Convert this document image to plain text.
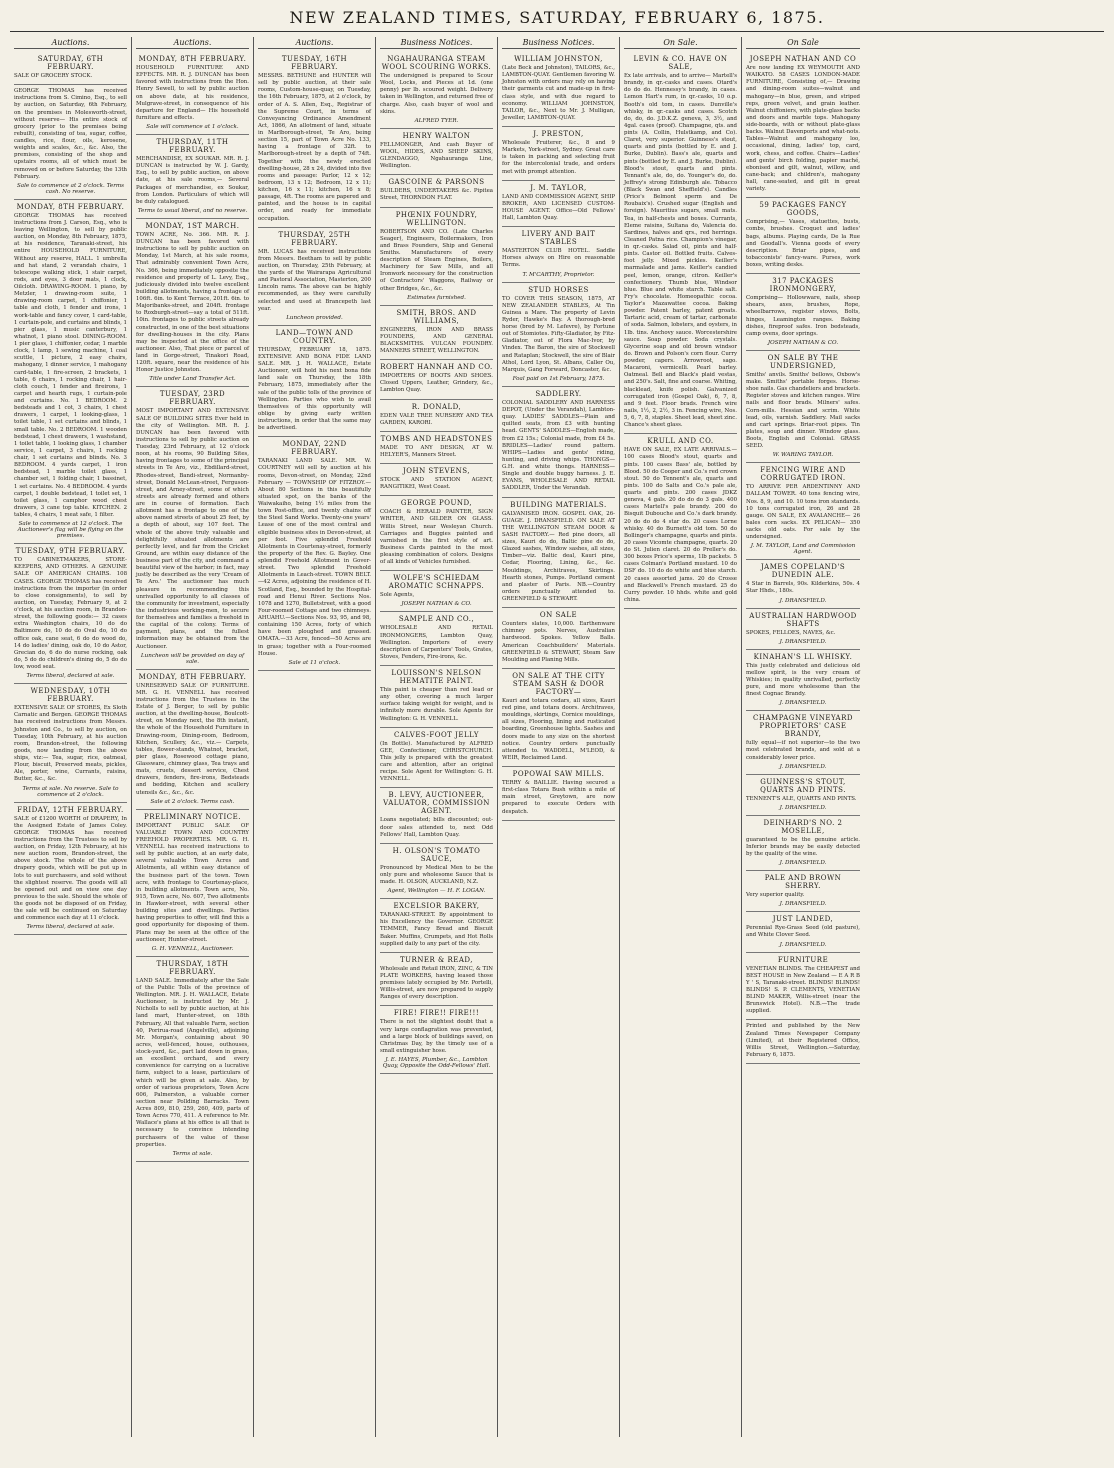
NEW ZEALAND TIMES, SATURDAY, FEBRUARY 6, 1875.
Auctions.
SATURDAY, 6TH FEBRUARY.
SALE OF GROCERY STOCK.
GEORGE THOMAS has received instructions from S. Cimino, Esq., to sell by auction, on Saturday, 6th February, on the premises in Molesworth-street, without reserve— His entire stock of grocery (prior to the premises being rebuilt), consisting of tea, sugar, coffee, candles, rice, flour, oils, kerosene, weights and scales, &c., &c. Also, the premises, consisting of the shop and upstairs rooms, all of which must be removed on or before Saturday, the 13th February.
Sale to commence at 2 o'clock. Terms cash. No reserve.
MONDAY, 8TH FEBRUARY.
GEORGE THOMAS has received instructions from J. Carson, Esq., who is leaving Wellington, to sell by public auction, on Monday, 8th February, 1875, at his residence, Taranaki-street, his entire HOUSEHOLD FURNITURE, Without any reserve, HALL. 1 umbrella and hat stand, 2 verandah chairs, 1 telescope walking stick, 1 stair carpet, rods, and eyes, 3 door mats, 1 clock, Oilcloth. DRAWING-ROOM. 1 piano, by Metzler, 1 drawing-room suite, 1 drawing-room carpet, 1 chiffonier, 1 table and cloth, 1 fender and irons, 1 work-table and fancy cover, 1 card-table, 1 curtain-pole, and curtains and blinds, 1 pier glass, 1 music canterbury, 1 whatnot, 1 piano stool. DINING-ROOM. 1 pier glass, 1 chiffonier, cedar, 1 marble clock, 1 lamp, 1 sewing machine, 1 coal scuttle, 1 picture, 2 easy chairs, mahogany, 1 dinner service, 1 mahogany card-table, 1 fire-screen, 2 brackets, 1 table, 6 chairs, 1 rocking chair, 1 hair-cloth couch, 1 fender and fireirons, 1 carpet and hearth rugs, 1 curtain-pole and curtains. No. 1 BEDROOM. 2 bedsteads and 1 cot, 3 chairs, 1 chest drawers, 1 carpet, 1 looking-glass, 1 toilet table, 1 set curtains and blinds, 1 small table. No. 2 BEDROOM. 1 wooden bedstead, 1 chest drawers, 1 washstand, 1 toilet table, 1 looking glass, 1 chamber service, 1 carpet, 3 chairs, 1 rocking chair, 1 set curtains and blinds. No. 3 BEDROOM. 4 yards carpet, 1 iron bedstead, 1 marble toilet glass, 1 chamber set, 1 folding chair, 1 bassinet, 1 set curtains. No. 4 BEDROOM. 4 yards carpet, 1 double bedstead, 1 toilet set, 1 toilet glass, 1 camphor wood chest drawers, 3 cane top table. KITCHEN. 2 tables, 4 chairs, 1 meat safe, 1 filter.
Sale to commence at 12 o'clock. The Auctioneer's flag will be flying on the premises.
TUESDAY, 9TH FEBRUARY.
TO CABINETMAKERS, STORE-KEEPERS, AND OTHERS. A GENUINE SALE OF AMERICAN CHAIRS. 108 CASES. GEORGE THOMAS has received instructions from the importer (in order to close consignments), to sell by auction, on Tuesday, February 9, at 2 o'clock, at his auction room, in Brandon-street, the following goods:— 32 cases extra Washington chairs, 10 do do Baltimore do, 10 do do Oval do, 10 do office oak, cane seat, 6 do do wood do, 14 do ladies' dining, oak do, 10 do Astor, Grecian do, 6 do do nurse rocking, oak do, 5 do do children's dining do, 5 do do low, wood seat.
Terms liberal, declared at sale.
WEDNESDAY, 10TH FEBRUARY.
EXTENSIVE SALE OF STORES, Ex Sloth Carnatic and Bergen. GEORGE THOMAS has received instructions from Messrs. Johnston and Co., to sell by auction, on Tuesday, 10th February, at his auction room, Brandon-street, the following goods, now landing from the above ships, viz:— Tea, sugar, rice, oatmeal, Flour, biscuit, Preserved meats, pickles, Ale, porter, wine, Currants, raisins, Butter, &c., &c.
Terms at sale. No reserve. Sale to commence at 2 o'clock.
FRIDAY, 12TH FEBRUARY.
SALE of £1200 WORTH of DRAPERY, In the Assigned Estate of James Coley. GEORGE THOMAS has received instructions from the Trustees to sell by auction, on Friday, 12th February, at his new auction room, Brandon-street, the above stock. The whole of the above drapery goods, which will be put up in lots to suit purchasers, and sold without the slightest reserve. The goods will all be opened out and on view one day previous to the sale. Should the whole of the goods not be disposed of on Friday, the sale will be continued on Saturday and commence each day at 11 o'clock.
Terms liberal, declared at sale.
Auctions.
MONDAY, 8TH FEBRUARY.
HOUSEHOLD FURNITURE AND EFFECTS. MR. R. J. DUNCAN has been favored with instructions from the Hon. Henry Sewell, to sell by public auction on above date, at his residence, Mulgrave-street, in consequence of his departure for England— His household furniture and effects.
Sale will commence at 1 o'clock.
THURSDAY, 11TH FEBRUARY.
MERCHANDISE, EX SOUKAR. MR. R. J. DUNCAN is instructed by W. J. Gardy, Esq., to sell by public auction, on above date, at his sale rooms,— Several Packages of merchandise, ex Soukar, from London. Particulars of which will be duly catalogued.
Terms to usual liberal, and no reserve.
MONDAY, 1ST MARCH.
TOWN ACRE, No. 366. MR. R. J. DUNCAN has been favored with instructions to sell by public auction on Monday, 1st March, at his sale rooms, That admirably convenient Town Acre, No. 366, being immediately opposite the residence and property of L. Levy, Esq., judiciously divided into twelve excellent building allotments, having a frontage of 106ft. 6in. to Kent Terrace, 201ft. 6in. to Majoribanks-street, and 204ft. frontage to Roxburgh-street—say a total of 511ft. 10in. frontages to public streets already constructed, in one of the best situations for dwelling-houses in the city. Plans may be inspected at the office of the auctioneer. Also, That piece or parcel of land in Gorge-street, Tinakori Road, 120ft. square, near the residence of his Honor Justice Johnston.
Title under Land Transfer Act.
TUESDAY, 23RD FEBRUARY.
MOST IMPORTANT AND EXTENSIVE SALE OF BUILDING SITES Ever held in the city of Wellington. MR. R. J. DUNCAN has been favored with instructions to sell by public auction on Tuesday, 23rd February, at 12 o'clock noon, at his rooms, 90 Building Sites, having frontages to some of the principal streets in Te Aro, viz., Ebdillard-street, Rhodes-street, Bandi-street, Normanby-street, Donald McLean-street, Ferguson-street, and Arney-street, some of which streets are already formed and others are in course of formation. Each allotment has a frontage to one of the above named streets of about 25 feet, by a depth of about, say 107 feet. The whole of the above truly valuable and delightfully situated allotments are perfectly level, and far from the Cricket Ground, are within easy distance of the business part of the city, and command a beautiful view of the harbor; in fact, may justly be described as the very 'Cream of Te Aro.' The auctioneer has much pleasure in recommending this unrivalled opportunity to all classes of the community for investment, especially the industrious working-men, to secure for themselves and families a freehold in the capital of the colony. Terms of payment, plans, and the fullest information may be obtained from the Auctioneer.
Luncheon will be provided on day of sale.
MONDAY, 8TH FEBRUARY.
UNRESERVED SALE OF FURNITURE. MR. G. H. VENNELL has received instructions from the Trustees in the Estate of J. Berger, to sell by public auction, at the dwelling-house, Boulcott-street, on Monday next, the 8th instant, the whole of the Household Furniture in Drawing-room, Dining-room, Bedroom, Kitchen, Scullery, &c., viz.— Carpets, tables, flower-stands, Whatnot, bracket, pier glass, Rosewood cottage piano, Glassware, chimney glass, Tea trays and mats, cruets, dessert service, Chest drawers, fenders, fire-irons, Bedsteads and bedding, Kitchen and scullery utensils &c., &c., &c.
Sale at 2 o'clock. Terms cash.
PRELIMINARY NOTICE.
IMPORTANT PUBLIC SALE OF VALUABLE TOWN AND COUNTRY FREEHOLD PROPERTIES. MR. G. H. VENNELL has received instructions to sell by public auction, at an early date, several valuable Town Acres and Allotments, all within easy distance of the business part of the town. Town acre, with frontage to Courtenay-place, in building allotments. Town acre, No. 915, Town acre, No. 607, Two allotments in Hawker-street, with several other building sites and dwellings. Parties having properties to offer, will find this a good opportunity for disposing of them. Plans may be seen at the office of the auctioneer, Hunter-street.
G. H. VENNELL, Auctioneer.
THURSDAY, 18TH FEBRUARY.
LAND SALE. Immediately after the Sale of the Public Tolls of the province of Wellington. MR. J. H. WALLACE, Estate Auctioneer, is instructed by Mr. J. Nicholls to sell by public auction, at his land mart, Hunter-street, on 18th February, All that valuable Farm, section 40, Porirua-road (Angelville), adjoining Mr. Morgan's, containing about 90 acres, well-fenced, house, outhouses, stock-yard, &c., part laid down in grass, an excellent orchard, and every convenience for carrying on a lucrative farm, subject to a lease, particulars of which will be given at sale. Also, by order of various proprietors, Town Acre 606, Palmerston, a valuable corner section near Pollding Barracks. Town Acres 809, 810, 259, 260, 409, parts of Town Acres 770, 411. A reference to Mr. Wallace's plans at his office is all that is necessary to convince intending purchasers of the value of these properties.
Terms at sale.
Auctions.
TUESDAY, 16TH FEBRUARY.
MESSRS. BETHUNE and HUNTER will sell by public auction, at their sale rooms, Custom-house-quay, on Tuesday, the 16th February, 1875, at 2 o'clock, by order of A. S. Allen, Esq., Registrar of the Supreme Court, in terms of Conveyancing Ordinance Amendment Act, 1866, An allotment of land, situate in Marlborough-street, Te Aro, being section 15, part of Town Acre No. 133, having a frontage of 32ft. to Marlborough-street by a depth of 74ft. Together with the newly erected dwelling-house, 28 x 24, divided into five rooms and passage: Parlor, 12 x 12; bedroom, 13 x 12; Bedroom, 12 x 11; kitchen, 16 x 11; kitchen, 16 x 8; passage, 4ft. The rooms are papered and painted, and the house is in capital order, and ready for immediate occupation.
THURSDAY, 25TH FEBRUARY.
MR. LUCAS has received instructions from Messrs. Beetham to sell by public auction, on Thursday, 25th February, at the yards of the Wairarapa Agricultural and Pastoral Association, Masterton, 200 Lincoln rams. The above can be highly recommended, as they were carefully selected and used at Brancepeth last year.
Luncheon provided.
LAND—TOWN AND COUNTRY.
THURSDAY, FEBRUARY 18, 1875. EXTENSIVE AND BONA FIDE LAND SALE. MR. J. H. WALLACE, Estate Auctioneer, will hold his next bona fide land sale on Thursday, the 18th February, 1875, immediately after the sale of the public tolls of the province of Wellington. Parties who wish to avail themselves of this opportunity will oblige by giving early written instructions, in order that the same may be advertised.
MONDAY, 22ND FEBRUARY.
TARANAKI LAND SALE. MR. W. COURTNEY will sell by auction at his rooms, Devon-street, on Monday, 22nd February — TOWNSHIP OF FITZROY.—About 80 Sections in this beautifully situated spot, on the banks of the Waiwakaiho, being 1½ miles from the town Post-office, and twenty chains off the Steel Sand Works. Twenty-one years' Lease of one of the most central and eligible business sites in Devon-street, at per foot. Five splendid Freehold Allotments in Courtenay-street, formerly the property of the Rev. G. Bayley. One splendid Freehold Allotment in Gover-street. Two splendid Freehold Allotments in Leach-street. TOWN BELT.—42 Acres, adjoining the residence of H. Scotland, Esq., bounded by the Hospital-road and Henui River. Sections Nos. 1078 and 1270, Bulletstreet, with a good Four-roomed Cottage and two chimneys. AHUAHU.—Sections Nos. 93, 95, and 98, containing 150 Acres, forty of which have been ploughed and grassed. OMATA.—33 Acre, fenced—50 Acres are in grass; together with a Four-roomed House.
Sale at 11 o'clock.
Business Notices.
NGAHAURANGA STEAM WOOL SCOURING WORKS.
The undersigned is prepared to Scour Wool, Locks, and Pieces at 1d. (one penny) per lb. scoured weight. Delivery taken in Wellington, and returned free of charge. Also, cash buyer of wool and skins.
ALFRED TYER.
HENRY WALTON
FELLMONGER, And cash Buyer of WOOL, HIDES, AND SHEEP SKINS, GLENDAGGO, Ngahauranga Line, Wellington.
GASCOINE & PARSONS
BUILDERS, UNDERTAKERS &c. Pipitea Street, THORNDON FLAT.
PHŒNIX FOUNDRY, WELLINGTON.
ROBERTSON AND CO. (Late Charles Seager), Engineers, Boilermakers, Iron and Brass Founders, Ship and General Smiths. Manufacturers of every description of Steam Engines, Boilers, Machinery for Saw Mills, and all Ironwork necessary for the construction of Contractors' Waggons, Railway or other Bridges, &c., &c.
Estimates furnished.
SMITH, BROS. AND WILLIAMS,
ENGINEERS, IRON AND BRASS FOUNDERS, AND GENERAL BLACKSMITHS. VULCAN FOUNDRY. MANNERS STREET, WELLINGTON.
ROBERT HANNAH AND CO.
IMPORTERS OF BOOTS AND SHOES. Closed Uppers, Leather, Grindery, &c., Lambton Quay.
R. DONALD,
EDEN VALE TREE NURSERY AND TEA GARDEN, KARORI.
TOMBS AND HEADSTONES
MADE TO ANY DESIGN, AT W. HELYER'S, Manners Street.
JOHN STEVENS,
STOCK AND STATION AGENT, RANGITIKEI, West Coast.
GEORGE POUND,
COACH & HERALD PAINTER, SIGN WRITER, AND GILDER ON GLASS. Willis Street, near Wesleyan Church. Carriages and Buggies painted and varnished in the first style of art. Business Cards painted in the most pleasing combination of colors. Designs of all kinds of Vehicles furnished.
WOLFE'S SCHIEDAM AROMATIC SCHNAPPS.
Sole Agents,
JOSEPH NATHAN & CO.
SAMPLE AND CO.,
WHOLESALE AND RETAIL IRONMONGERS, Lambton Quay, Wellington. Importers of every description of Carpenters' Tools, Grates, Stoves, Fenders, Fire-irons, &c.
LOUISSON'S NELSON HEMATITE PAINT.
This paint is cheaper than red lead or any other, covering a much larger surface taking weight for weight, and is infinitely more durable. Sole Agents for Wellington: G. H. VENNELL.
CALVES-FOOT JELLY
(In Bottle). Manufactured by ALFRED GEE, Confectioner, CHRISTCHURCH. This jelly is prepared with the greatest care and attention, after an original recipe. Sole Agent for Wellington: G. H. VENNELL.
B. LEVY, AUCTIONEER, VALUATOR, COMMISSION AGENT.
Loans negotiated; bills discounted; out-door sales attended to, next Odd Fellows' Hall, Lambton Quay.
H. OLSON'S TOMATO SAUCE,
Pronounced by Medical Men to be the only pure and wholesome Sauce that is made. H. OLSON, AUCKLAND, N.Z.
Agent, Wellington — H. F. LOGAN.
EXCELSIOR BAKERY,
TARANAKI-STREET. By appointment to his Excellency the Governor. GEORGE TEMMER, Fancy Bread and Biscuit Baker. Muffins, Crumpets, and Hot Rolls supplied daily to any part of the city.
TURNER & READ,
Wholesale and Retail IRON, ZINC, & TIN PLATE WORKERS, having leased those premises lately occupied by Mr. Portelli, Willis-street, are now prepared to supply Ranges of every description.
FIRE! FIRE!! FIRE!!!
There is not the slightest doubt that a very large conflagration was prevented, and a large block of buildings saved, on Christmas Day, by the timely use of a small extinguisher hose.
J. E. HAYES, Plumber, &c., Lambton Quay, Opposite the Odd-Fellows' Hall.
Business Notices.
WILLIAM JOHNSTON,
(Late Beck and Johnston), TAILORS, &c., LAMBTON-QUAY. Gentlemen favoring W. Johnston with orders may rely on having their garments cut and made-up in first-class style, and with due regard to economy. WILLIAM JOHNSTON, TAILOR, &c., Next to Mr. J. Mulligan, Jeweller, LAMBTON-QUAY.
J. PRESTON,
Wholesale Fruiterer, &c., 8 and 9 Markets, York-street, Sydney. Great care is taken in packing and selecting fruit for the intercolonial trade, and orders met with prompt attention.
J. M. TAYLOR,
LAND AND COMMISSION AGENT, SHIP BROKER, AND LICENSED CUSTOM-HOUSE AGENT. Office—Old Fellows' Hall, Lambton Quay.
LIVERY AND BAIT STABLES
MASTERTON CLUB HOTEL. Saddle Horses always on Hire on reasonable Terms.
T. M'CARTHY, Proprietor.
STUD HORSES
TO COVER THIS SEASON, 1875, AT NEW ZEALANDER STABLES, At Tin Guinea a Mare. The property of Levin Ryder, Hawke's Bay. A thorough-bred horse (bred by M. Lefevre), by Fortune out of Stomiotes. Fifty-Gladiator, by Fitz-Gladiator, out of Flora Mac-Ivor, by Vindex. The Baron, the sire of Stockwell and Rataplan; Stockwell, the sire of Blair Athol, Lord Lyon, St. Albans, Caller Ou, Marquis, Gang Forward, Doncaster, &c.
Foal paid on 1st February, 1875.
SADDLERY.
COLONIAL SADDLERY AND HARNESS DEPOT, (Under the Verandah), Lambton-quay. LADIES' SADDLES—Plain and quilted seats, from £3 with hunting head. GENTS' SADDLES—English made, from £2 15s.; Colonial made, from £4 5s. BRIDLES—Ladies' round pattern. WHIPS—Ladies and gents' riding, hunting, and driving whips. THONGS—G.H. and white thongs. HARNESS—Single and double buggy harness. J. E. EVANS, WHOLESALE AND RETAIL SADDLER, Under the Verandah.
BUILDING MATERIALS.
GALVANISED IRON. GOSPEL OAK, 26-GUAGE. J. DRANSFIELD. ON SALE AT THE WELLINGTON STEAM DOOR & SASH FACTORY.— Red pine doors, all sizes, Kauri do do, Baltic pine do do, Glazed sashes, Window sashes, all sizes, Timber—viz. Baltic deal, Kauri pine, Cedar, Flooring, Lining, &c., &c. Mouldings, Architraves, Skirtings. Hearth stones, Pumps. Portland cement and plaster of Paris. NB.—Country orders punctually attended to. GREENFIELD & STEWART.
ON SALE
Counters slates, 10,000. Earthenware chimney pots. Nerves, Australian hardwood. Spokes. Yellow Balls. American Coachbuilders' Materials. GREENFIELD & STEWART, Steam Saw Moulding and Planing Mills.
ON SALE AT THE CITY STEAM SASH & DOOR FACTORY—
Kauri and totara cedars, all sizes, Kauri red pine, and totara doors. Architraves, mouldings, skirtings, Cornice mouldings, all sizes, Flooring, lining and rusticated boarding, Greenhouse lights. Sashes and doors made to any size on the shortest notice. Country orders punctually attended to. WADDELL, M'LEOD, & WEIR, Reclaimed Land.
POPOWAI SAW MILLS.
TERRY & BAILLIE. Having secured a first-class Totara Bush within a mile of main street, Greytown, are now prepared to execute Orders with despatch.
On Sale.
LEVIN & CO. HAVE ON SALE,
Ex late arrivals, and to arrive— Martell's brandy, in qr.-casks and cases. Otard's do do do. Hennessy's brandy, in cases. Lemon Hart's rum, in qr.-casks, 10 o.p. Booth's old tom, in cases. Dunville's whisky, in qr.-casks and cases. Scotch do, do, do. J.D.K.Z. geneva, 3, 3½, and 4gal. cases (proof). Champagne, qts. and pints (A. Collin, Hulstkamp, and Co). Claret, very superior. Guinness's stout, quarts and pints (bottled by E. and J. Burke, Dublin). Bass's ale, quarts and pints (bottled by E. and J. Burke, Dublin). Blood's stout, quarts and pints. Tennant's ale, do, do. Younger's do, do. Jeffrey's strong Edinburgh ale. Tobacco (Black Swan and Sheffield's). Candles (Price's Belmont sperm and De Roubaix's). Crushed sugar (English and foreign). Mauritius sugars, small mats. Tea, in half-chests and boxes. Currants, Eleme raisins, Sultana do, Valencia do. Sardines, halves and qrs., red herrings. Cleaned Patna rice. Champion's vinegar, in qr.-casks. Salad oil, pints and half-pints. Castor oil. Bottled fruits. Calves-foot jelly. Mixed pickles. Keiller's marmalade and jams. Keiller's candied peel, lemon, orange, citron. Keiller's confectionery. Thumb blue, Windsor blue. Blue and white starch. Table salt. Fry's chocolate. Homeopathic cocoa. Taylor's Mazawattee cocoa. Baking powder. Patent barley, patent groats. Tartaric acid, cream of tartar, carbonate of soda. Salmon, lobsters, and oysters, in 1lb. tins. Anchovy sauce. Worcestershire sauce. Soap powder. Soda crystals. Glycerine soap and old brown windsor do. Brown and Polson's corn flour. Curry powder, capers. Arrowroot, sago. Macaroni, vermicelli. Pearl barley. Oatmeal. Bell and Black's plaid vestas, and 250's. Salt, fine and coarse. Whiting, blacklead, knife polish. Galvanized corrugated iron (Gospel Oak), 6, 7, 8, and 9 feet. Floor brads. French wire nails, 1½, 2, 2½, 3 in. Fencing wire, Nos. 5, 6, 7, 8, staples. Sheet lead, sheet zinc. Chance's sheet glass.
KRULL AND CO.
HAVE ON SALE, EX LATE ARRIVALS.— 100 cases Blood's stout, quarts and pints. 100 cases Bass' ale, bottled by Blood. 50 do Cooper and Co.'s red crown stout. 50 do Tennent's ale, quarts and pints. 100 do Salts and Co.'s pale ale, quarts and pints. 200 cases JDKZ geneva, 4 gals. 20 do do do 3 gals. 400 cases Martell's pale brandy. 200 do Bisquit Dubouche and Co.'s dark brandy. 20 do do do 4 star do. 20 cases Lorne whisky. 40 do Burnett's old tom. 50 do Bollinger's champagne, quarts and pints. 20 cases Vicomte champagne, quarts. 20 do St. Julien claret. 20 do Preller's do. 300 boxes Price's sperms, 1lb packets. 5 cases Colman's Portland mustard. 10 do DSF do. 10 do do white and blue starch. 20 cases assorted jams. 20 do Crosse and Blackwell's French mustard. 25 do Curry powder. 10 hhds. white and gold china.
On Sale
JOSEPH NATHAN AND CO
Are now landing EX WEYMOUTH AND WAIKATO. 58 CASES LONDON-MADE FURNITURE, Consisting of,— Drawing and dining-room suites—walnut and mahogany—in blue, green, and striped reps, green velvet, and grain leather. Walnut chiffoniers, with plate-glass backs and doors and marble tops. Mahogany side-boards, with or without plate-glass backs. Walnut Davenports and what-nots. Tables—Walnut and mahogany loo, occasional, dining, ladies' top, card, work, chess, and coffee. Chairs—Ladies' and gents' birch folding, papier maché, ebonised and gilt, walnut, willow, and cane-back; and children's, mahogany hall, cane-seated, and gilt in great variety.
59 PACKAGES FANCY GOODS,
Comprising,— Vases, statuettes, busts, combs, brushes. Croquet and ladies' bags, albums. Playing cards, De la Rue and Goodall's. Vienna goods of every description. Briar pipes, and tobacconists' fancy-ware. Purses, work boxes, writing desks.
317 PACKAGES IRONMONGERY,
Comprising— Hollowware, nails, sheep shears, axes, brushes, Rope, wheelbarrows, register stoves, Bolts, hinges, Leamington ranges. Baking dishes, fireproof safes. Iron bedsteads, camp ovens, door springs.
JOSEPH NATHAN & CO.
ON SALE BY THE UNDERSIGNED,
Smiths' anvils. Smiths' bellows, Oxbow's make. Smiths' portable forges. Horse-shoe nails. Gas chandeliers and brackets. Register stoves and kitchen ranges. Wire nails and floor brads. Milners' safes. Corn-mills. Hessian and scrim. White lead, oils, varnish. Saddlery. Mail sacks and cart springs. Briar-root pipes. Tin plates, soup and dinner. Window glass. Boots, English and Colonial. GRASS SEED.
W. WARING TAYLOR.
FENCING WIRE AND CORRUGATED IRON.
TO ARRIVE PER ARDENTINNY AND DALLAM TOWER. 40 tons fencing wire, Nos. 8, 9, and 10. 10 tons iron standards. 10 tons corrugated iron, 26 and 28 gauge. ON SALE, EX AVALANCHE— 26 bales corn sacks. EX PELICAN— 350 sacks old oats. For sale by the undersigned.
J. M. TAYLOR, Land and Commission Agent.
JAMES COPELAND'S DUNEDIN ALE.
4 Star in Barrels, 90s. Kilderkins, 50s. 4 Star Hhds., 180s.
J. DRANSFIELD.
AUSTRALIAN HARDWOOD SHAFTS
SPOKES, FELLOES, NAVES, &c.
J. DRANSFIELD.
KINAHAN'S LL WHISKY.
This justly celebrated and delicious old mellow spirit, is the very cream of Whiskies; in quality unrivalled, perfectly pure, and more wholesome than the finest Cognac Brandy.
J. DRANSFIELD.
CHAMPAGNE VINEYARD PROPRIETORS' CASE BRANDY,
fully equal—if not superior—to the two most celebrated brands, and sold at a considerably lower price.
J. DRANSFIELD.
GUINNESS'S STOUT, QUARTS AND PINTS.
TENNENT'S ALE, QUARTS AND PINTS.
J. DRANSFIELD.
DEINHARD'S NO. 2 MOSELLE,
guaranteed to be the genuine article. Inferior brands may be easily detected by the quality of the wine.
J. DRANSFIELD.
PALE AND BROWN SHERRY.
Very superior quality.
J. DRANSFIELD.
JUST LANDED,
Perennial Rye-Grass Seed (old pasture), and White Clover Seed.
J. DRANSFIELD.
FURNITURE
VENETIAN BLINDS. The CHEAPEST and BEST HOUSE in New Zealand — E A R B Y ' S, Taranaki-street. BLINDS! BLINDS! BLINDS! S. P. CLEMENTS, VENETIAN BLIND MAKER, Willis-street (near the Brunswick Hotel). N.B.—The trade supplied.
Printed and published by the New Zealand Times Newspaper Company (Limited), at their Registered Office, Willis Street, Wellington.—Saturday, February 6, 1875.
